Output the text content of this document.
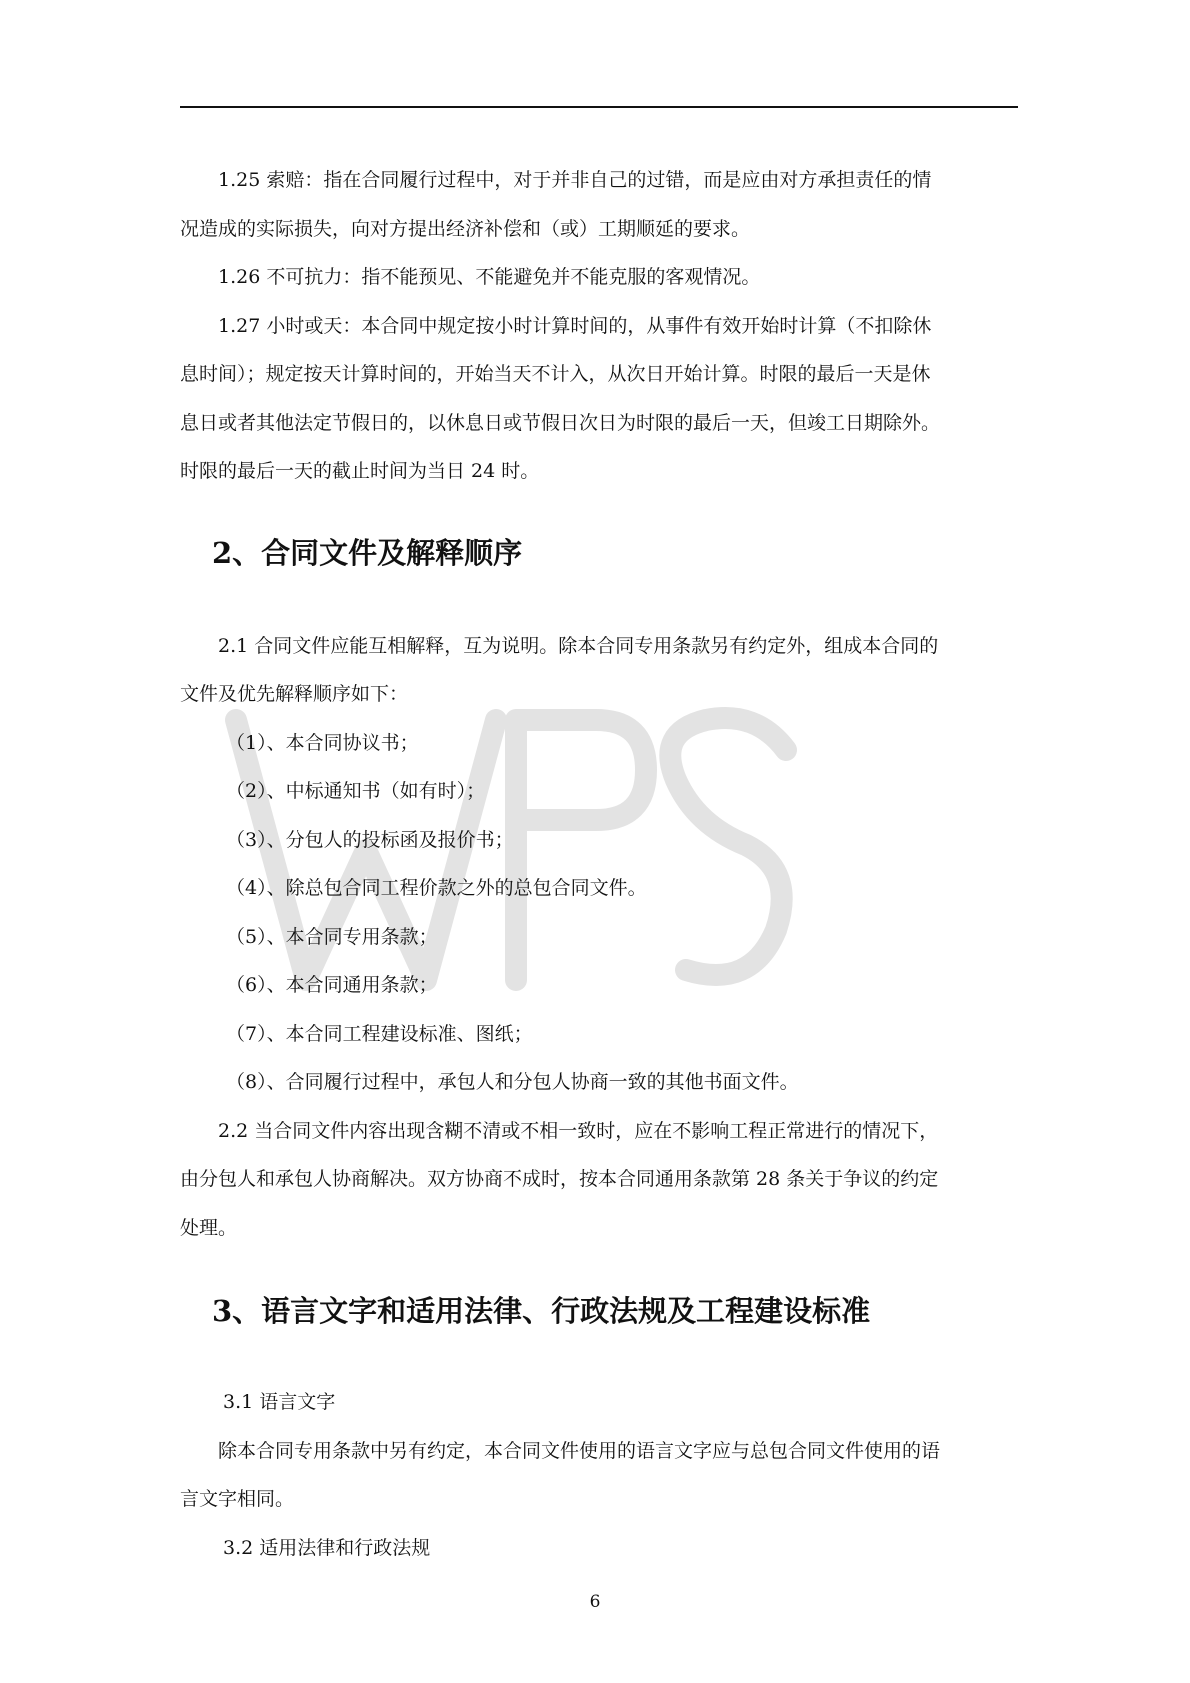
1.25 索赔：指在合同履行过程中，对于并非自己的过错，而是应由对方承担责任的情
况造成的实际损失，向对方提出经济补偿和（或）工期顺延的要求。

1.26 不可抗力：指不能预见、不能避免并不能克服的客观情况。

1.27 小时或天：本合同中规定按小时计算时间的，从事件有效开始时计算（不扣除休
息时间）；规定按天计算时间的，开始当天不计入，从次日开始计算。时限的最后一天是休
息日或者其他法定节假日的，以休息日或节假日次日为时限的最后一天，但竣工日期除外。
时限的最后一天的截止时间为当日 24 时。

2、合同文件及解释顺序

2.1 合同文件应能互相解释，互为说明。除本合同专用条款另有约定外，组成本合同的
文件及优先解释顺序如下：

（1）、本合同协议书；

（2）、中标通知书（如有时）；

（3）、分包人的投标函及报价书；

（4）、除总包合同工程价款之外的总包合同文件。

（5）、本合同专用条款；

（6）、本合同通用条款；

（7）、本合同工程建设标准、图纸；

（8）、合同履行过程中，承包人和分包人协商一致的其他书面文件。

2.2 当合同文件内容出现含糊不清或不相一致时，应在不影响工程正常进行的情况下，
由分包人和承包人协商解决。双方协商不成时，按本合同通用条款第 28 条关于争议的约定
处理。

3、语言文字和适用法律、行政法规及工程建设标准

3.1 语言文字

除本合同专用条款中另有约定，本合同文件使用的语言文字应与总包合同文件使用的语
言文字相同。

3.2 适用法律和行政法规

6
